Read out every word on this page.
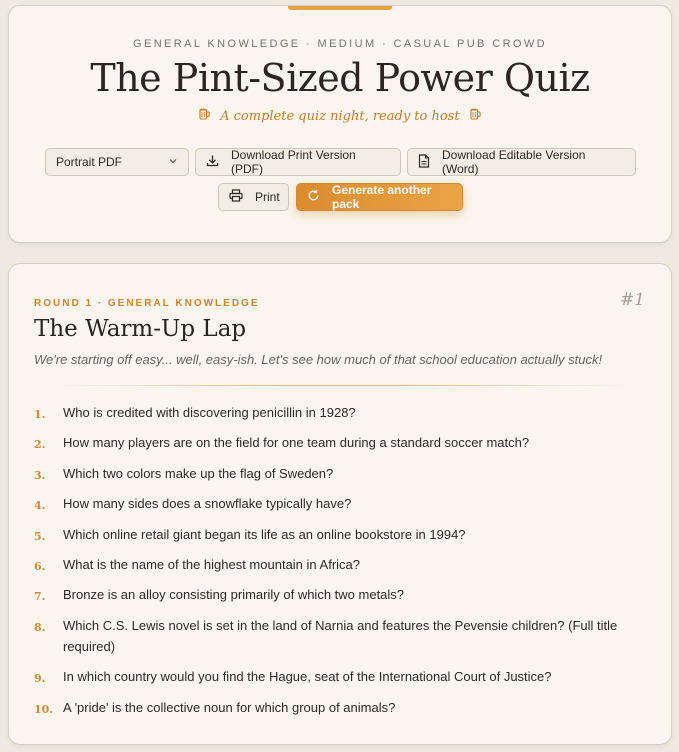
GENERAL KNOWLEDGE · MEDIUM · CASUAL PUB CROWD
The Pint-Sized Power Quiz
A complete quiz night, ready to host
Portrait PDF	Download Print Version (PDF)
Download Editable Version (Word)
Print	Generate another pack
ROUND 1 · GENERAL KNOWLEDGE	#1
The Warm-Up Lap
We're starting off easy... well, easy-ish. Let's see how much of that school education actually stuck!
1. Who is credited with discovering penicillin in 1928?
2. How many players are on the field for one team during a standard soccer match?
3. Which two colors make up the flag of Sweden?
4. How many sides does a snowflake typically have?
5. Which online retail giant began its life as an online bookstore in 1994?
6. What is the name of the highest mountain in Africa?
7. Bronze is an alloy consisting primarily of which two metals?
8. Which C.S. Lewis novel is set in the land of Narnia and features the Pevensie children? (Full title required)
9. In which country would you find the Hague, seat of the International Court of Justice?
10. A 'pride' is the collective noun for which group of animals?
